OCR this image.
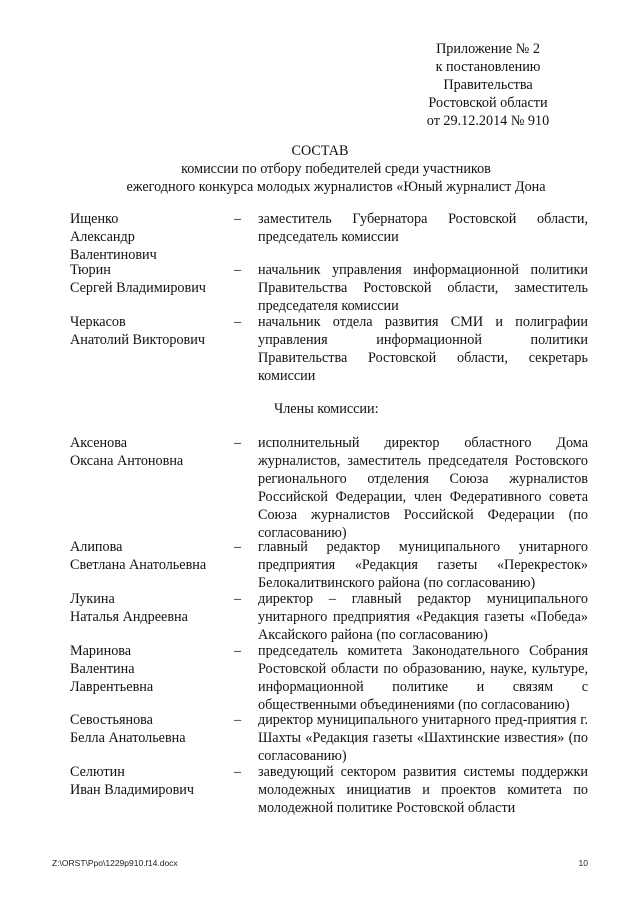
Приложение № 2
к постановлению
Правительства
Ростовской области
от 29.12.2014 № 910
СОСТАВ
комиссии по отбору победителей среди участников
ежегодного конкурса молодых журналистов «Юный журналист Дона
Ищенко
Александр
Валентинович
–	заместитель Губернатора Ростовской области, председатель комиссии
Тюрин
Сергей Владимирович
–	начальник управления информационной политики Правительства Ростовской области, заместитель председателя комиссии
Черкасов
Анатолий Викторович
–	начальник отдела развития СМИ и полиграфии управления информационной политики Правительства Ростовской области, секретарь комиссии
Члены комиссии:
Аксенова
Оксана Антоновна
–	исполнительный директор областного Дома журналистов, заместитель председателя Ростовского регионального отделения Союза журналистов Российской Федерации, член Федеративного совета Союза журналистов Российской Федерации (по согласованию)
Алипова
Светлана Анатольевна
–	главный редактор муниципального унитарного предприятия «Редакция газеты «Перекресток» Белокалитвинского района (по согласованию)
Лукина
Наталья Андреевна
–	директор – главный редактор муниципального унитарного предприятия «Редакция газеты «Победа» Аксайского района (по согласованию)
Маринова
Валентина
Лаврентьевна
–	председатель комитета Законодательного Собрания Ростовской области по образованию, науке, культуре, информационной политике и связям с общественными объединениями (по согласованию)
Севостьянова
Белла Анатольевна
–	директор муниципального унитарного пред-приятия г. Шахты «Редакция газеты «Шахтинские известия» (по согласованию)
Селютин
Иван Владимирович
–	заведующий сектором развития системы поддержки молодежных инициатив и проектов комитета по молодежной политике Ростовской области
Z:\ORST\Ppo\1229p910.f14.docx	10
